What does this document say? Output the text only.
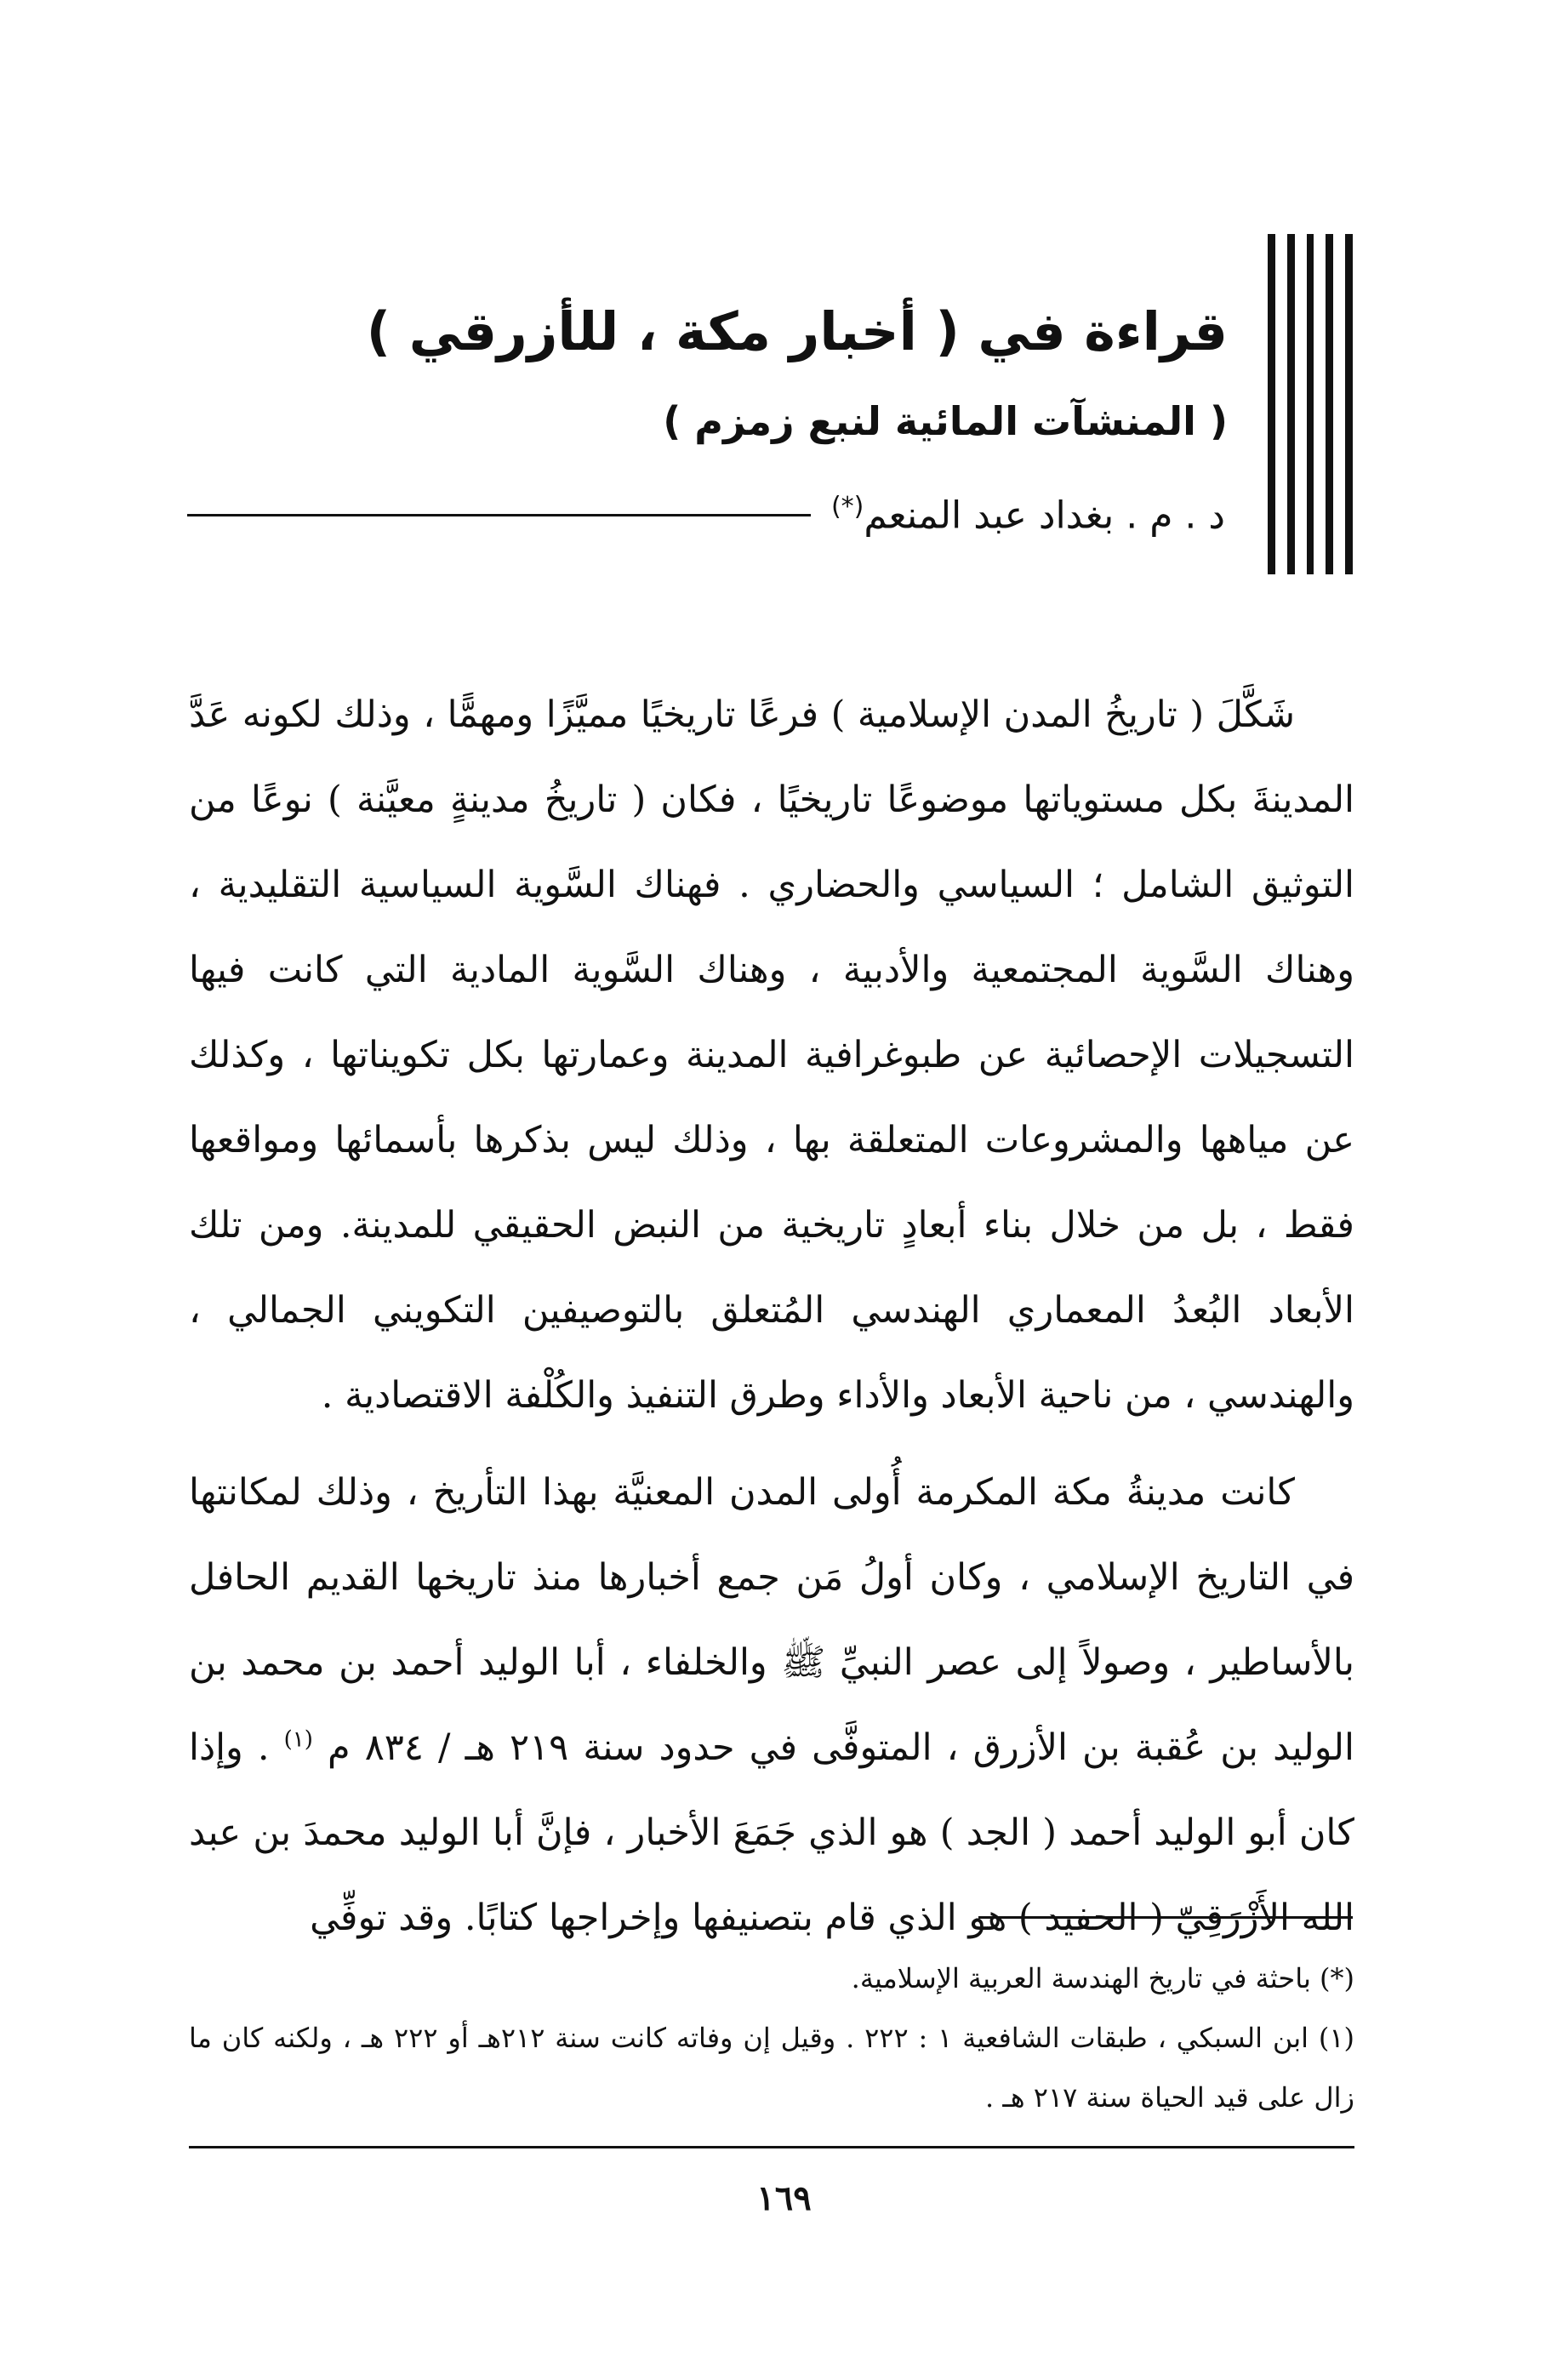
قراءة في ( أخبار مكة ، للأزرقي )
( المنشآت المائية لنبع زمزم )
د . م . بغداد عبد المنعم(*)

شَكَّلَ ( تاريخُ المدن الإسلامية ) فرعًا تاريخيًا مميَّزًا ومهمًّا ، وذلك لكونه عَدَّ المدينةَ بكل مستوياتها موضوعًا تاريخيًا ، فكان ( تاريخُ مدينةٍ معيَّنة ) نوعًا من التوثيق الشامل ؛ السياسي والحضاري . فهناك السَّوية السياسية التقليدية ، وهناك السَّوية المجتمعية والأدبية ، وهناك السَّوية المادية التي كانت فيها التسجيلات الإحصائية عن طبوغرافية المدينة وعمارتها بكل تكويناتها ، وكذلك عن مياهها والمشروعات المتعلقة بها ، وذلك ليس بذكرها بأسمائها ومواقعها فقط ، بل من خلال بناء أبعادٍ تاريخية من النبض الحقيقي للمدينة. ومن تلك الأبعاد البُعدُ المعماري الهندسي المُتعلق بالتوصيفين التكويني الجمالي ، والهندسي ، من ناحية الأبعاد والأداء وطرق التنفيذ والكُلْفة الاقتصادية .

كانت مدينةُ مكة المكرمة أُولى المدن المعنيَّة بهذا التأريخ ، وذلك لمكانتها في التاريخ الإسلامي ، وكان أولُ مَن جمع أخبارها منذ تاريخها القديم الحافل بالأساطير ، وصولاً إلى عصر النبيِّ ﷺ والخلفاء ، أبا الوليد أحمد بن محمد بن الوليد بن عُقبة بن الأزرق ، المتوفَّى في حدود سنة ٢١٩ هـ / ٨٣٤ م $^{(١)}$ . وإذا كان أبو الوليد أحمد ( الجد ) هو الذي جَمَعَ الأخبار ، فإنَّ أبا الوليد محمدَ بن عبد الله الأَزْرَقِيّ ( الحفيد ) هو الذي قام بتصنيفها وإخراجها كتابًا. وقد توفِّي

(*) باحثة في تاريخ الهندسة العربية الإسلامية.

(١) ابن السبكي ، طبقات الشافعية ١ : ٢٢٢ . وقيل إن وفاته كانت سنة ٢١٢هـ أو ٢٢٢ هـ ، ولكنه كان ما زال على قيد الحياة سنة ٢١٧ هـ .

١٦٩
